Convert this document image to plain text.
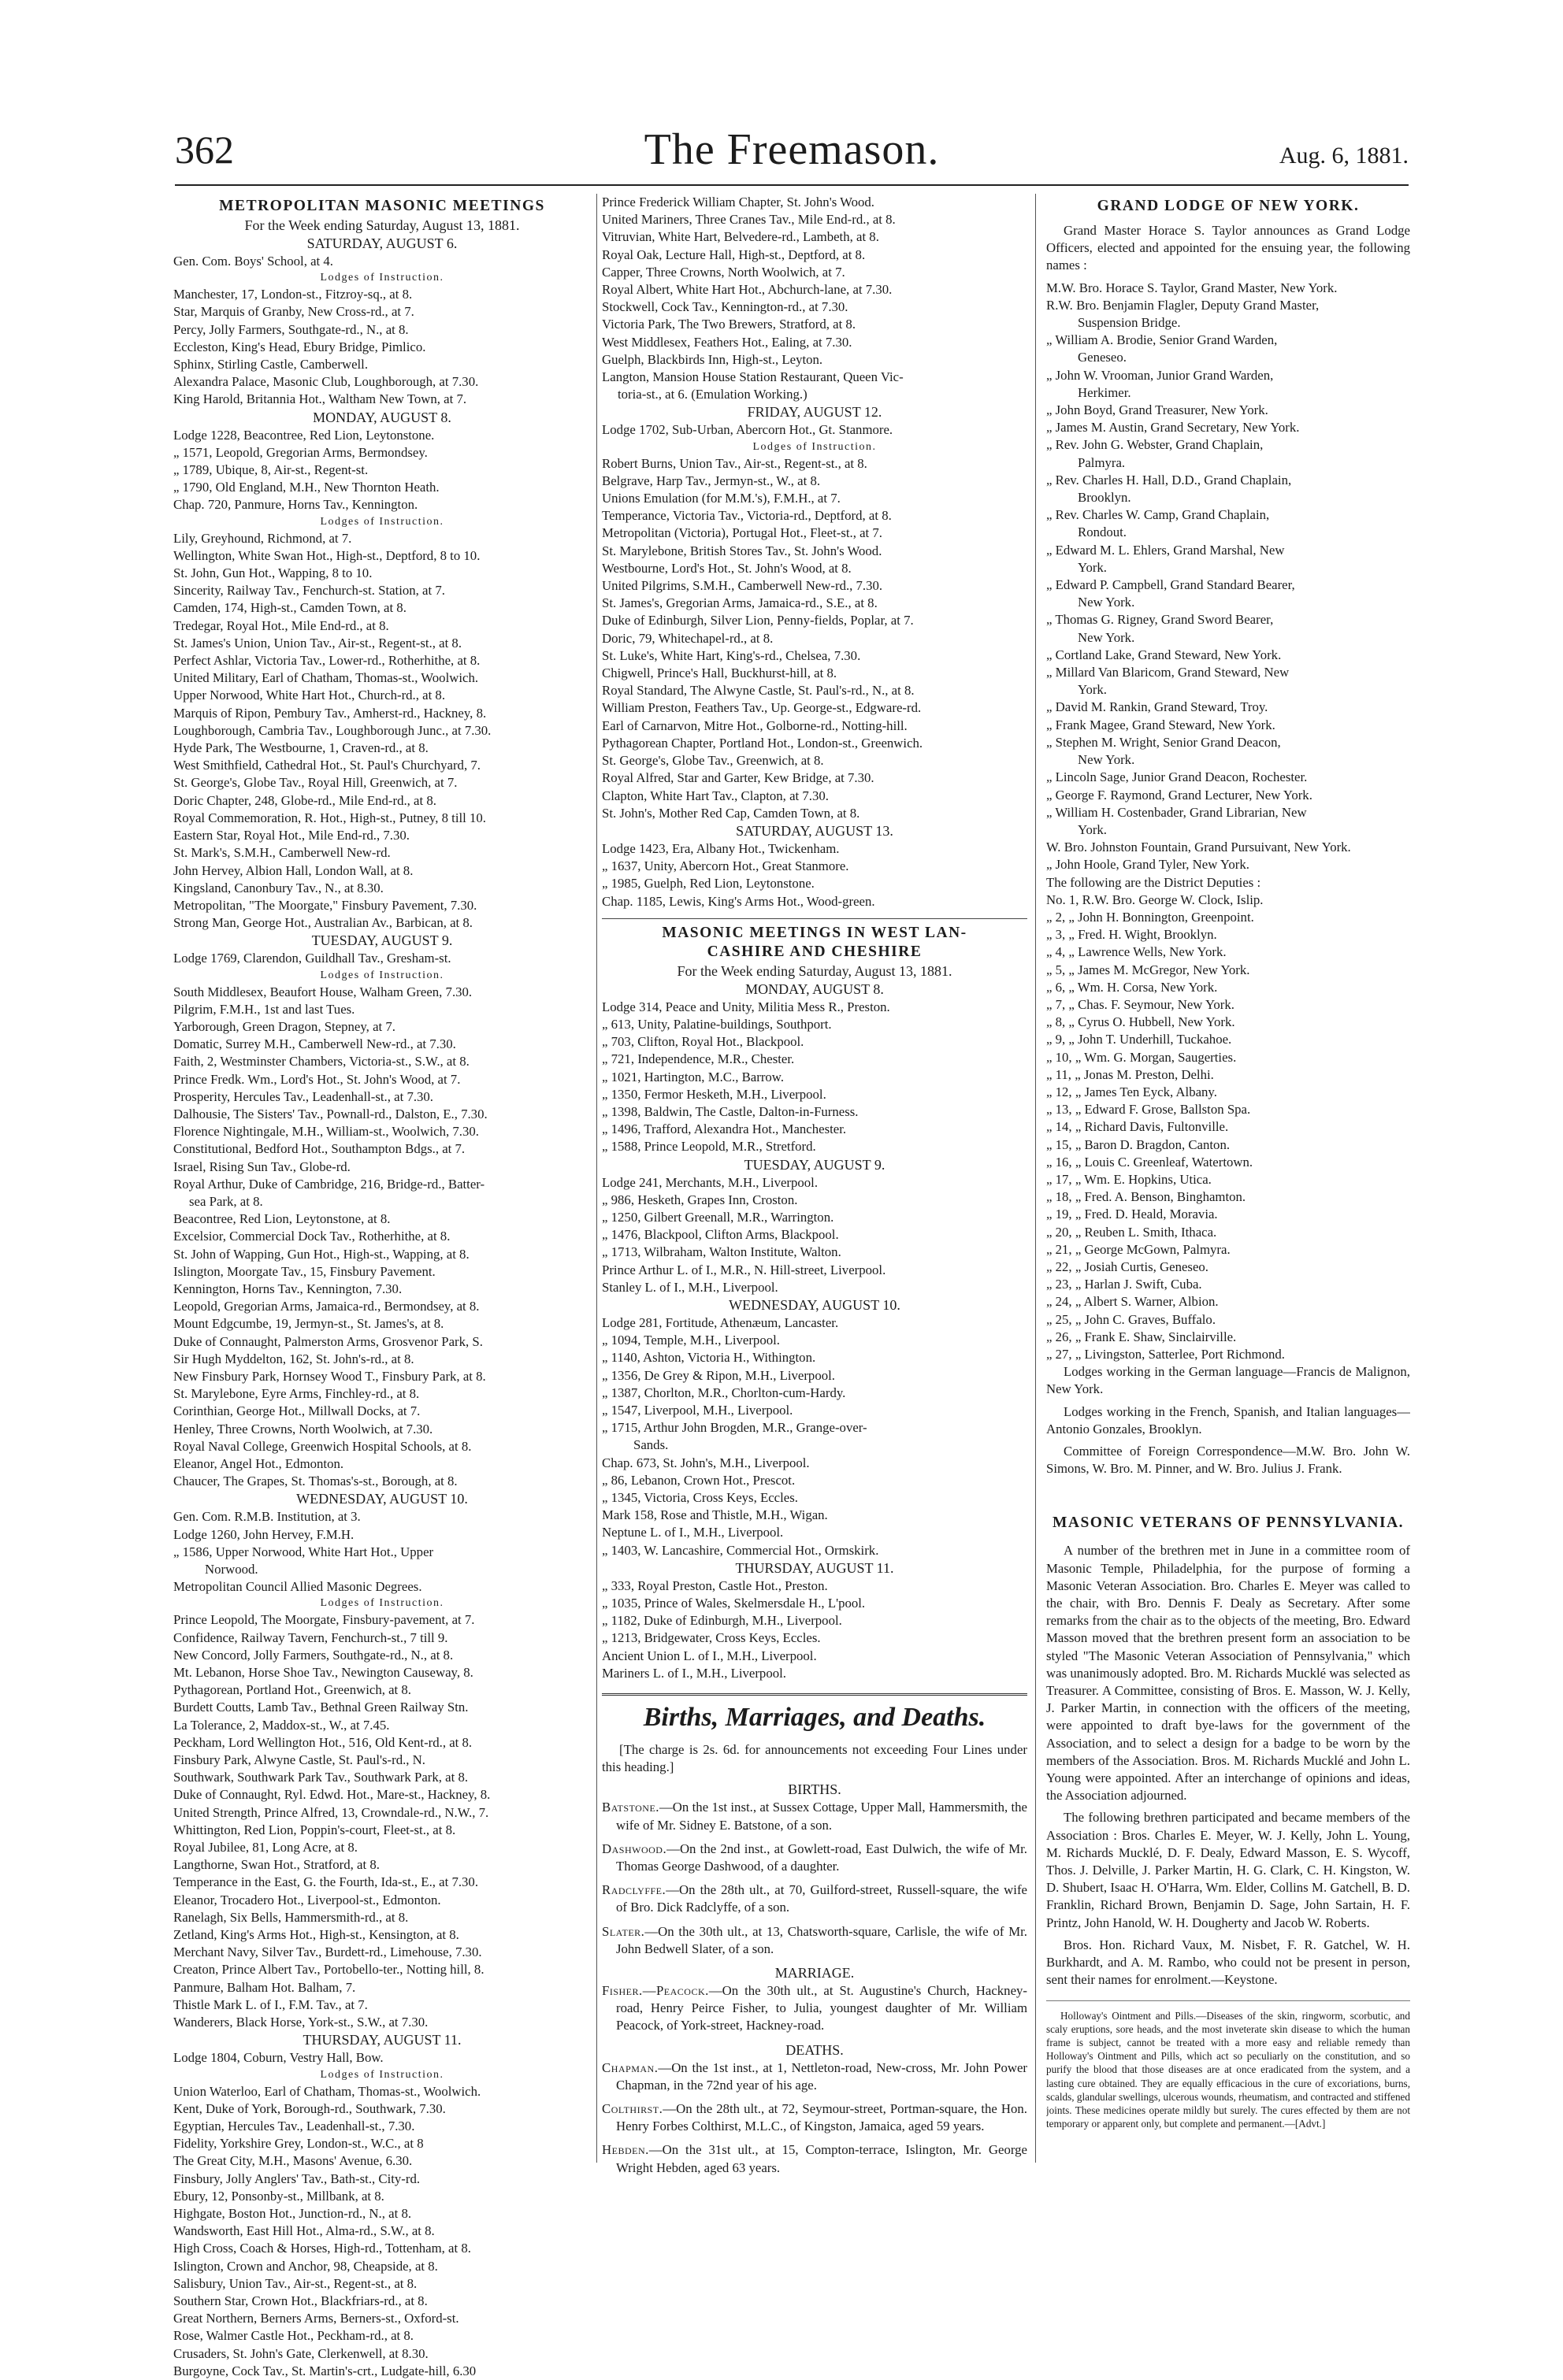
362	The Freemason.	Aug. 6, 1881.
METROPOLITAN MASONIC MEETINGS
For the Week ending Saturday, August 13, 1881.
SATURDAY, AUGUST 6.
Gen. Com. Boys' School, at 4.
Lodges of Instruction.
Manchester, 17, London-st., Fitzroy-sq., at 8.
Star, Marquis of Granby, New Cross-rd., at 7.
Percy, Jolly Farmers, Southgate-rd., N., at 8.
Eccleston, King's Head, Ebury Bridge, Pimlico.
Sphinx, Stirling Castle, Camberwell.
Alexandra Palace, Masonic Club, Loughborough, at 7.30.
King Harold, Britannia Hot., Waltham New Town, at 7.
MONDAY, AUGUST 8.
Lodge 1228, Beacontree, Red Lion, Leytonstone.
„ 1571, Leopold, Gregorian Arms, Bermondsey.
„ 1789, Ubique, 8, Air-st., Regent-st.
„ 1790, Old England, M.H., New Thornton Heath.
Chap. 720, Panmure, Horns Tav., Kennington.
Lodges of Instruction.
Lily, Greyhound, Richmond, at 7.
Wellington, White Swan Hot., High-st., Deptford, 8 to 10.
St. John, Gun Hot., Wapping, 8 to 10.
Sincerity, Railway Tav., Fenchurch-st. Station, at 7.
Camden, 174, High-st., Camden Town, at 8.
Tredegar, Royal Hot., Mile End-rd., at 8.
St. James's Union, Union Tav., Air-st., Regent-st., at 8.
Perfect Ashlar, Victoria Tav., Lower-rd., Rotherhithe, at 8.
United Military, Earl of Chatham, Thomas-st., Woolwich.
Upper Norwood, White Hart Hot., Church-rd., at 8.
Marquis of Ripon, Pembury Tav., Amherst-rd., Hackney, 8.
Loughborough, Cambria Tav., Loughborough Junc., at 7.30.
Hyde Park, The Westbourne, 1, Craven-rd., at 8.
West Smithfield, Cathedral Hot., St. Paul's Churchyard, 7.
St. George's, Globe Tav., Royal Hill, Greenwich, at 7.
Doric Chapter, 248, Globe-rd., Mile End-rd., at 8.
Royal Commemoration, R. Hot., High-st., Putney, 8 till 10.
Eastern Star, Royal Hot., Mile End-rd., 7.30.
St. Mark's, S.M.H., Camberwell New-rd.
John Hervey, Albion Hall, London Wall, at 8.
Kingsland, Canonbury Tav., N., at 8.30.
Metropolitan, "The Moorgate," Finsbury Pavement, 7.30.
Strong Man, George Hot., Australian Av., Barbican, at 8.
TUESDAY, AUGUST 9.
Lodge 1769, Clarendon, Guildhall Tav., Gresham-st.
Lodges of Instruction.
South Middlesex, Beaufort House, Walham Green, 7.30.
Pilgrim, F.M.H., 1st and last Tues.
Yarborough, Green Dragon, Stepney, at 7.
Domatic, Surrey M.H., Camberwell New-rd., at 7.30.
Faith, 2, Westminster Chambers, Victoria-st., S.W., at 8.
Prince Fredk. Wm., Lord's Hot., St. John's Wood, at 7.
Prosperity, Hercules Tav., Leadenhall-st., at 7.30.
Dalhousie, The Sisters' Tav., Pownall-rd., Dalston, E., 7.30.
Florence Nightingale, M.H., William-st., Woolwich, 7.30.
Constitutional, Bedford Hot., Southampton Bdgs., at 7.
Israel, Rising Sun Tav., Globe-rd.
Royal Arthur, Duke of Cambridge, 216, Bridge-rd., Batter-
sea Park, at 8.
Beacontree, Red Lion, Leytonstone, at 8.
Excelsior, Commercial Dock Tav., Rotherhithe, at 8.
St. John of Wapping, Gun Hot., High-st., Wapping, at 8.
Islington, Moorgate Tav., 15, Finsbury Pavement.
Kennington, Horns Tav., Kennington, 7.30.
Leopold, Gregorian Arms, Jamaica-rd., Bermondsey, at 8.
Mount Edgcumbe, 19, Jermyn-st., St. James's, at 8.
Duke of Connaught, Palmerston Arms, Grosvenor Park, S.
Sir Hugh Myddelton, 162, St. John's-rd., at 8.
New Finsbury Park, Hornsey Wood T., Finsbury Park, at 8.
St. Marylebone, Eyre Arms, Finchley-rd., at 8.
Corinthian, George Hot., Millwall Docks, at 7.
Henley, Three Crowns, North Woolwich, at 7.30.
Royal Naval College, Greenwich Hospital Schools, at 8.
Eleanor, Angel Hot., Edmonton.
Chaucer, The Grapes, St. Thomas's-st., Borough, at 8.
WEDNESDAY, AUGUST 10.
Gen. Com. R.M.B. Institution, at 3.
Lodge 1260, John Hervey, F.M.H.
„ 1586, Upper Norwood, White Hart Hot., Upper
Norwood.
Metropolitan Council Allied Masonic Degrees.
Lodges of Instruction.
Prince Leopold, The Moorgate, Finsbury-pavement, at 7.
Confidence, Railway Tavern, Fenchurch-st., 7 till 9.
New Concord, Jolly Farmers, Southgate-rd., N., at 8.
Mt. Lebanon, Horse Shoe Tav., Newington Causeway, 8.
Pythagorean, Portland Hot., Greenwich, at 8.
Burdett Coutts, Lamb Tav., Bethnal Green Railway Stn.
La Tolerance, 2, Maddox-st., W., at 7.45.
Peckham, Lord Wellington Hot., 516, Old Kent-rd., at 8.
Finsbury Park, Alwyne Castle, St. Paul's-rd., N.
Southwark, Southwark Park Tav., Southwark Park, at 8.
Duke of Connaught, Ryl. Edwd. Hot., Mare-st., Hackney, 8.
United Strength, Prince Alfred, 13, Crowndale-rd., N.W., 7.
Whittington, Red Lion, Poppin's-court, Fleet-st., at 8.
Royal Jubilee, 81, Long Acre, at 8.
Langthorne, Swan Hot., Stratford, at 8.
Temperance in the East, G. the Fourth, Ida-st., E., at 7.30.
Eleanor, Trocadero Hot., Liverpool-st., Edmonton.
Ranelagh, Six Bells, Hammersmith-rd., at 8.
Zetland, King's Arms Hot., High-st., Kensington, at 8.
Merchant Navy, Silver Tav., Burdett-rd., Limehouse, 7.30.
Creaton, Prince Albert Tav., Portobello-ter., Notting hill, 8.
Panmure, Balham Hot. Balham, 7.
Thistle Mark L. of I., F.M. Tav., at 7.
Wanderers, Black Horse, York-st., S.W., at 7.30.
THURSDAY, AUGUST 11.
Lodge 1804, Coburn, Vestry Hall, Bow.
Lodges of Instruction.
Union Waterloo, Earl of Chatham, Thomas-st., Woolwich.
Kent, Duke of York, Borough-rd., Southwark, 7.30.
Egyptian, Hercules Tav., Leadenhall-st., 7.30.
Fidelity, Yorkshire Grey, London-st., W.C., at 8
The Great City, M.H., Masons' Avenue, 6.30.
Finsbury, Jolly Anglers' Tav., Bath-st., City-rd.
Ebury, 12, Ponsonby-st., Millbank, at 8.
Highgate, Boston Hot., Junction-rd., N., at 8.
Wandsworth, East Hill Hot., Alma-rd., S.W., at 8.
High Cross, Coach & Horses, High-rd., Tottenham, at 8.
Islington, Crown and Anchor, 98, Cheapside, at 8.
Salisbury, Union Tav., Air-st., Regent-st., at 8.
Southern Star, Crown Hot., Blackfriars-rd., at 8.
Great Northern, Berners Arms, Berners-st., Oxford-st.
Rose, Walmer Castle Hot., Peckham-rd., at 8.
Crusaders, St. John's Gate, Clerkenwell, at 8.30.
Burgoyne, Cock Tav., St. Martin's-crt., Ludgate-hill, 6.30
Prince Frederick William Chapter, St. John's Wood.
United Mariners, Three Cranes Tav., Mile End-rd., at 8.
Vitruvian, White Hart, Belvedere-rd., Lambeth, at 8.
Royal Oak, Lecture Hall, High-st., Deptford, at 8.
Capper, Three Crowns, North Woolwich, at 7.
Royal Albert, White Hart Hot., Abchurch-lane, at 7.30.
Stockwell, Cock Tav., Kennington-rd., at 7.30.
Victoria Park, The Two Brewers, Stratford, at 8.
West Middlesex, Feathers Hot., Ealing, at 7.30.
Guelph, Blackbirds Inn, High-st., Leyton.
Langton, Mansion House Station Restaurant, Queen Vic-
toria-st., at 6. (Emulation Working.)
FRIDAY, AUGUST 12.
Lodge 1702, Sub-Urban, Abercorn Hot., Gt. Stanmore.
Lodges of Instruction.
Robert Burns, Union Tav., Air-st., Regent-st., at 8.
Belgrave, Harp Tav., Jermyn-st., W., at 8.
Unions Emulation (for M.M.'s), F.M.H., at 7.
Temperance, Victoria Tav., Victoria-rd., Deptford, at 8.
Metropolitan (Victoria), Portugal Hot., Fleet-st., at 7.
St. Marylebone, British Stores Tav., St. John's Wood.
Westbourne, Lord's Hot., St. John's Wood, at 8.
United Pilgrims, S.M.H., Camberwell New-rd., 7.30.
St. James's, Gregorian Arms, Jamaica-rd., S.E., at 8.
Duke of Edinburgh, Silver Lion, Penny-fields, Poplar, at 7.
Doric, 79, Whitechapel-rd., at 8.
St. Luke's, White Hart, King's-rd., Chelsea, 7.30.
Chigwell, Prince's Hall, Buckhurst-hill, at 8.
Royal Standard, The Alwyne Castle, St. Paul's-rd., N., at 8.
William Preston, Feathers Tav., Up. George-st., Edgware-rd.
Earl of Carnarvon, Mitre Hot., Golborne-rd., Notting-hill.
Pythagorean Chapter, Portland Hot., London-st., Greenwich.
St. George's, Globe Tav., Greenwich, at 8.
Royal Alfred, Star and Garter, Kew Bridge, at 7.30.
Clapton, White Hart Tav., Clapton, at 7.30.
St. John's, Mother Red Cap, Camden Town, at 8.
SATURDAY, AUGUST 13.
Lodge 1423, Era, Albany Hot., Twickenham.
„ 1637, Unity, Abercorn Hot., Great Stanmore.
„ 1985, Guelph, Red Lion, Leytonstone.
Chap. 1185, Lewis, King's Arms Hot., Wood-green.
MASONIC MEETINGS IN WEST LAN-
CASHIRE AND CHESHIRE
For the Week ending Saturday, August 13, 1881.
MONDAY, AUGUST 8.
Lodge 314, Peace and Unity, Militia Mess R., Preston.
„ 613, Unity, Palatine-buildings, Southport.
„ 703, Clifton, Royal Hot., Blackpool.
„ 721, Independence, M.R., Chester.
„ 1021, Hartington, M.C., Barrow.
„ 1350, Fermor Hesketh, M.H., Liverpool.
„ 1398, Baldwin, The Castle, Dalton-in-Furness.
„ 1496, Trafford, Alexandra Hot., Manchester.
„ 1588, Prince Leopold, M.R., Stretford.
TUESDAY, AUGUST 9.
Lodge 241, Merchants, M.H., Liverpool.
„ 986, Hesketh, Grapes Inn, Croston.
„ 1250, Gilbert Greenall, M.R., Warrington.
„ 1476, Blackpool, Clifton Arms, Blackpool.
„ 1713, Wilbraham, Walton Institute, Walton.
Prince Arthur L. of I., M.R., N. Hill-street, Liverpool.
Stanley L. of I., M.H., Liverpool.
WEDNESDAY, AUGUST 10.
Lodge 281, Fortitude, Athenæum, Lancaster.
„ 1094, Temple, M.H., Liverpool.
„ 1140, Ashton, Victoria H., Withington.
„ 1356, De Grey & Ripon, M.H., Liverpool.
„ 1387, Chorlton, M.R., Chorlton-cum-Hardy.
„ 1547, Liverpool, M.H., Liverpool.
„ 1715, Arthur John Brogden, M.R., Grange-over-
Sands.
Chap. 673, St. John's, M.H., Liverpool.
„ 86, Lebanon, Crown Hot., Prescot.
„ 1345, Victoria, Cross Keys, Eccles.
Mark 158, Rose and Thistle, M.H., Wigan.
Neptune L. of I., M.H., Liverpool.
„ 1403, W. Lancashire, Commercial Hot., Ormskirk.
THURSDAY, AUGUST 11.
„ 333, Royal Preston, Castle Hot., Preston.
„ 1035, Prince of Wales, Skelmersdale H., L'pool.
„ 1182, Duke of Edinburgh, M.H., Liverpool.
„ 1213, Bridgewater, Cross Keys, Eccles.
Ancient Union L. of I., M.H., Liverpool.
Mariners L. of I., M.H., Liverpool.
Births, Marriages, and Deaths.
[The charge is 2s. 6d. for announcements not exceeding Four Lines under this heading.]
BIRTHS.
Batstone.—On the 1st inst., at Sussex Cottage, Upper Mall, Hammersmith, the wife of Mr. Sidney E. Batstone, of a son.
Dashwood.—On the 2nd inst., at Gowlett-road, East Dulwich, the wife of Mr. Thomas George Dashwood, of a daughter.
Radclyffe.—On the 28th ult., at 70, Guilford-street, Russell-square, the wife of Bro. Dick Radclyffe, of a son.
Slater.—On the 30th ult., at 13, Chatsworth-square, Carlisle, the wife of Mr. John Bedwell Slater, of a son.
MARRIAGE.
Fisher.—Peacock.—On the 30th ult., at St. Augustine's Church, Hackney-road, Henry Peirce Fisher, to Julia, youngest daughter of Mr. William Peacock, of York-street, Hackney-road.
DEATHS.
Chapman.—On the 1st inst., at 1, Nettleton-road, New-cross, Mr. John Power Chapman, in the 72nd year of his age.
Colthirst.—On the 28th ult., at 72, Seymour-street, Portman-square, the Hon. Henry Forbes Colthirst, M.L.C., of Kingston, Jamaica, aged 59 years.
Hebden.—On the 31st ult., at 15, Compton-terrace, Islington, Mr. George Wright Hebden, aged 63 years.
GRAND LODGE OF NEW YORK.
Grand Master Horace S. Taylor announces as Grand Lodge Officers, elected and appointed for the ensuing year, the following names :
M.W. Bro. Horace S. Taylor, Grand Master, New York.
R.W. Bro. Benjamin Flagler, Deputy Grand Master,
Suspension Bridge.
„ William A. Brodie, Senior Grand Warden,
Geneseo.
„ John W. Vrooman, Junior Grand Warden,
Herkimer.
„ John Boyd, Grand Treasurer, New York.
„ James M. Austin, Grand Secretary, New York.
„ Rev. John G. Webster, Grand Chaplain,
Palmyra.
„ Rev. Charles H. Hall, D.D., Grand Chaplain,
Brooklyn.
„ Rev. Charles W. Camp, Grand Chaplain,
Rondout.
„ Edward M. L. Ehlers, Grand Marshal, New
York.
„ Edward P. Campbell, Grand Standard Bearer,
New York.
„ Thomas G. Rigney, Grand Sword Bearer,
New York.
„ Cortland Lake, Grand Steward, New York.
„ Millard Van Blaricom, Grand Steward, New
York.
„ David M. Rankin, Grand Steward, Troy.
„ Frank Magee, Grand Steward, New York.
„ Stephen M. Wright, Senior Grand Deacon,
New York.
„ Lincoln Sage, Junior Grand Deacon, Rochester.
„ George F. Raymond, Grand Lecturer, New York.
„ William H. Costenbader, Grand Librarian, New
York.
W. Bro. Johnston Fountain, Grand Pursuivant, New York.
„ John Hoole, Grand Tyler, New York.
The following are the District Deputies :
No. 1, R.W. Bro. George W. Clock, Islip.
„ 2, „ John H. Bonnington, Greenpoint.
„ 3, „ Fred. H. Wight, Brooklyn.
„ 4, „ Lawrence Wells, New York.
„ 5, „ James M. McGregor, New York.
„ 6, „ Wm. H. Corsa, New York.
„ 7, „ Chas. F. Seymour, New York.
„ 8, „ Cyrus O. Hubbell, New York.
„ 9, „ John T. Underhill, Tuckahoe.
„ 10, „ Wm. G. Morgan, Saugerties.
„ 11, „ Jonas M. Preston, Delhi.
„ 12, „ James Ten Eyck, Albany.
„ 13, „ Edward F. Grose, Ballston Spa.
„ 14, „ Richard Davis, Fultonville.
„ 15, „ Baron D. Bragdon, Canton.
„ 16, „ Louis C. Greenleaf, Watertown.
„ 17, „ Wm. E. Hopkins, Utica.
„ 18, „ Fred. A. Benson, Binghamton.
„ 19, „ Fred. D. Heald, Moravia.
„ 20, „ Reuben L. Smith, Ithaca.
„ 21, „ George McGown, Palmyra.
„ 22, „ Josiah Curtis, Geneseo.
„ 23, „ Harlan J. Swift, Cuba.
„ 24, „ Albert S. Warner, Albion.
„ 25, „ John C. Graves, Buffalo.
„ 26, „ Frank E. Shaw, Sinclairville.
„ 27, „ Livingston, Satterlee, Port Richmond.
Lodges working in the German language—Francis de Malignon, New York.
Lodges working in the French, Spanish, and Italian languages—Antonio Gonzales, Brooklyn.
Committee of Foreign Correspondence—M.W. Bro. John W. Simons, W. Bro. M. Pinner, and W. Bro. Julius J. Frank.
MASONIC VETERANS OF PENNSYLVANIA.
A number of the brethren met in June in a committee room of Masonic Temple, Philadelphia, for the purpose of forming a Masonic Veteran Association. Bro. Charles E. Meyer was called to the chair, with Bro. Dennis F. Dealy as Secretary. After some remarks from the chair as to the objects of the meeting, Bro. Edward Masson moved that the brethren present form an association to be styled "The Masonic Veteran Association of Pennsylvania," which was unanimously adopted. Bro. M. Richards Mucklé was selected as Treasurer. A Committee, consisting of Bros. E. Masson, W. J. Kelly, J. Parker Martin, in connection with the officers of the meeting, were appointed to draft bye-laws for the government of the Association, and to select a design for a badge to be worn by the members of the Association. Bros. M. Richards Mucklé and John L. Young were appointed. After an interchange of opinions and ideas, the Association adjourned.
The following brethren participated and became members of the Association : Bros. Charles E. Meyer, W. J. Kelly, John L. Young, M. Richards Mucklé, D. F. Dealy, Edward Masson, E. S. Wycoff, Thos. J. Delville, J. Parker Martin, H. G. Clark, C. H. Kingston, W. D. Shubert, Isaac H. O'Harra, Wm. Elder, Collins M. Gatchell, B. D. Franklin, Richard Brown, Benjamin D. Sage, John Sartain, H. F. Printz, John Hanold, W. H. Dougherty and Jacob W. Roberts.
Bros. Hon. Richard Vaux, M. Nisbet, F. R. Gatchel, W. H. Burkhardt, and A. M. Rambo, who could not be present in person, sent their names for enrolment.—Keystone.
Holloway's Ointment and Pills.—Diseases of the skin, ringworm, scorbutic, and scaly eruptions, sore heads, and the most inveterate skin disease to which the human frame is subject, cannot be treated with a more easy and reliable remedy than Holloway's Ointment and Pills, which act so peculiarly on the constitution, and so purify the blood that those diseases are at once eradicated from the system, and a lasting cure obtained. They are equally efficacious in the cure of excoriations, burns, scalds, glandular swellings, ulcerous wounds, rheumatism, and contracted and stiffened joints. These medicines operate mildly but surely. The cures effected by them are not temporary or apparent only, but complete and permanent.—[Advt.]
